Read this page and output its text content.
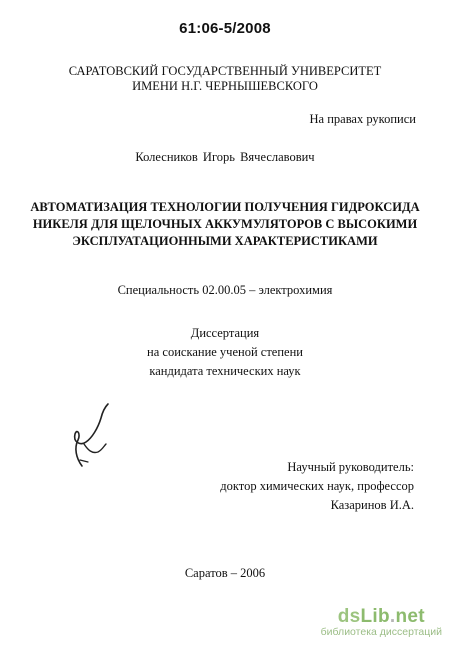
61:06-5/2008
САРАТОВСКИЙ ГОСУДАРСТВЕННЫЙ УНИВЕРСИТЕТ
ИМЕНИ Н.Г. ЧЕРНЫШЕВСКОГО
На правах рукописи
Колесников Игорь Вячеславович
АВТОМАТИЗАЦИЯ ТЕХНОЛОГИИ ПОЛУЧЕНИЯ ГИДРОКСИДА
НИКЕЛЯ ДЛЯ ЩЕЛОЧНЫХ АККУМУЛЯТОРОВ С ВЫСОКИМИ
ЭКСПЛУАТАЦИОННЫМИ ХАРАКТЕРИСТИКАМИ
Специальность 02.00.05 – электрохимия
Диссертация
на соискание ученой степени
кандидата технических наук
Научный руководитель:
доктор химических наук, профессор
Казаринов И.А.
Саратов – 2006
dsLib.net
библиотека диссертаций
